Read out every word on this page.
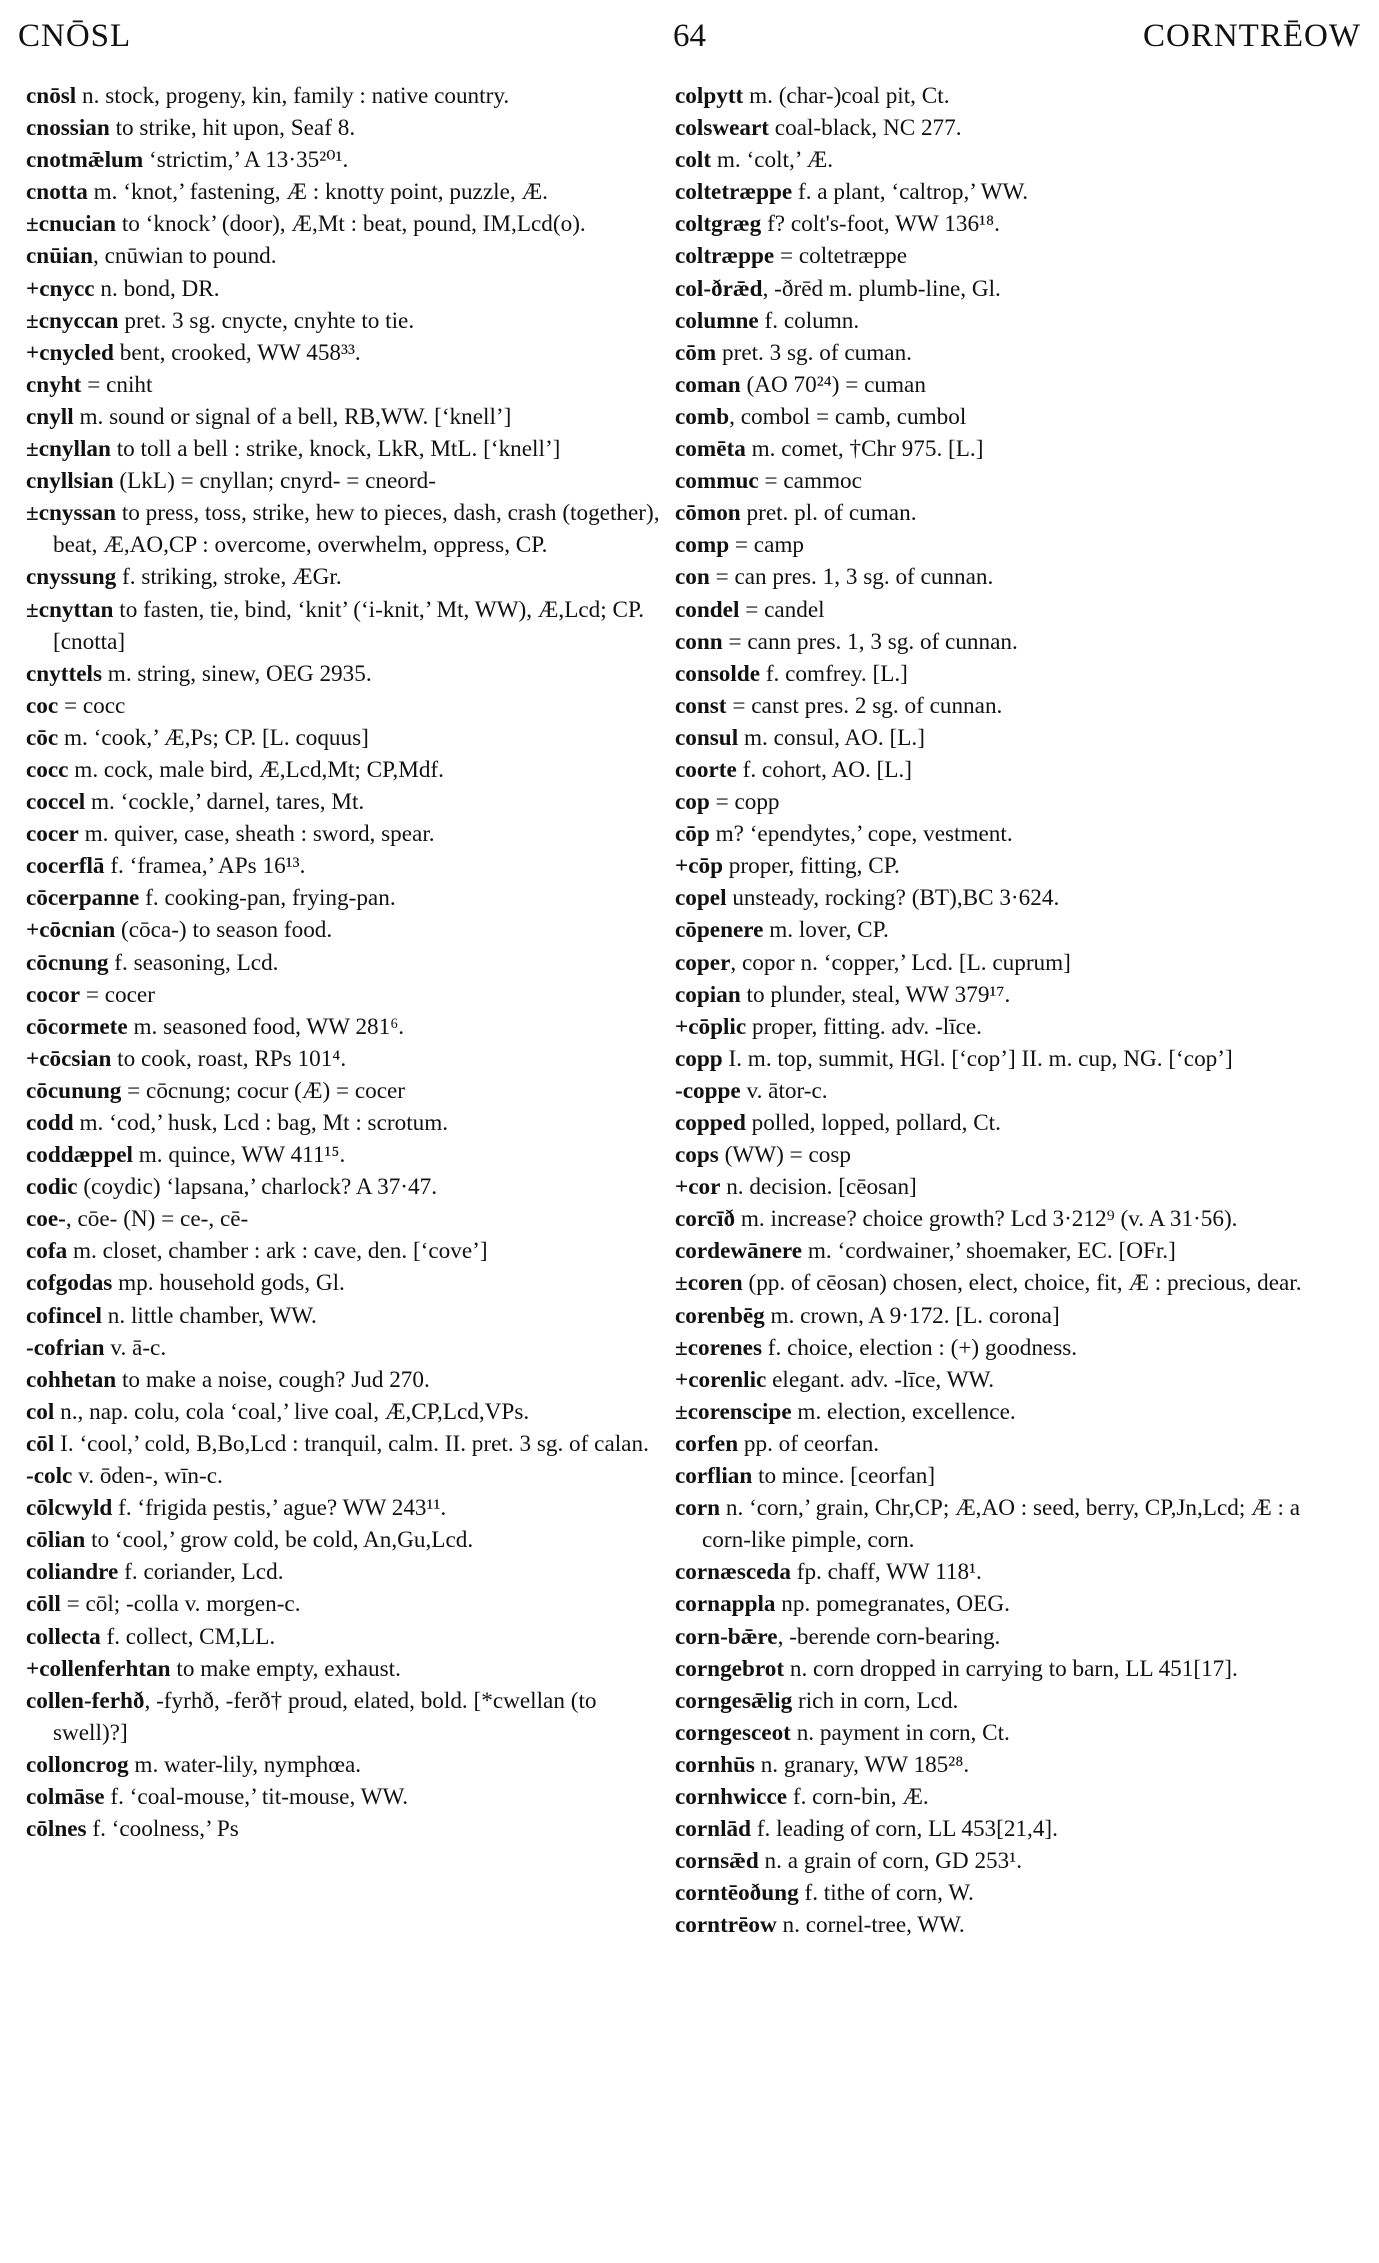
CNŌSL	64	CORNTRĒOW
cnōsl n. stock, progeny, kin, family : native country.
cnossian to strike, hit upon, Seaf 8.
cnotmǣlum ‘strictim,’ A 13·35²⁰¹.
cnotta m. ‘knot,’ fastening, Æ : knotty point, puzzle, Æ.
±cnucian to ‘knock’ (door), Æ,Mt : beat, pound, IM,Lcd(o).
cnūian, cnūwian to pound.
+cnycc n. bond, DR.
±cnyccan pret. 3 sg. cnycte, cnyhte to tie.
+cnycled bent, crooked, WW 458³³.
cnyht = cniht
cnyll m. sound or signal of a bell, RB,WW. [‘knell’]
±cnyllan to toll a bell : strike, knock, LkR, MtL. [‘knell’]
cnyllsian (LkL) = cnyllan; cnyrd- = cneord-
±cnyssan to press, toss, strike, hew to pieces, dash, crash (together), beat, Æ,AO,CP : overcome, overwhelm, oppress, CP.
cnyssung f. striking, stroke, ÆGr.
±cnyttan to fasten, tie, bind, ‘knit’ (‘i-knit,’ Mt, WW), Æ,Lcd; CP. [cnotta]
cnyttels m. string, sinew, OEG 2935.
coc = cocc
cōc m. ‘cook,’ Æ,Ps; CP. [L. coquus]
cocc m. cock, male bird, Æ,Lcd,Mt; CP,Mdf.
coccel m. ‘cockle,’ darnel, tares, Mt.
cocer m. quiver, case, sheath : sword, spear.
cocerflā f. ‘framea,’ APs 16¹³.
cōcerpanne f. cooking-pan, frying-pan.
+cōcnian (cōca-) to season food.
cōcnung f. seasoning, Lcd.
cocor = cocer
cōcormete m. seasoned food, WW 281⁶.
+cōcsian to cook, roast, RPs 101⁴.
cōcunung = cōcnung; cocur (Æ) = cocer
codd m. ‘cod,’ husk, Lcd : bag, Mt : scrotum.
coddæppel m. quince, WW 411¹⁵.
codic (coydic) ‘lapsana,’ charlock? A 37·47.
coe-, cōe- (N) = ce-, cē-
cofa m. closet, chamber : ark : cave, den. [‘cove’]
cofgodas mp. household gods, Gl.
cofincel n. little chamber, WW.
-cofrian v. ā-c.
cohhetan to make a noise, cough? Jud 270.
col n., nap. colu, cola ‘coal,’ live coal, Æ,CP,Lcd,VPs.
cōl I. ‘cool,’ cold, B,Bo,Lcd : tranquil, calm. II. pret. 3 sg. of calan.
-colc v. ōden-, wīn-c.
cōlcwyld f. ‘frigida pestis,’ ague? WW 243¹¹.
cōlian to ‘cool,’ grow cold, be cold, An,Gu,Lcd.
coliandre f. coriander, Lcd.
cōll = cōl; -colla v. morgen-c.
collecta f. collect, CM,LL.
+collenferhtan to make empty, exhaust.
collen-ferhð, -fyrhð, -ferð† proud, elated, bold. [*cwellan (to swell)?]
colloncrog m. water-lily, nymphœa.
colmāse f. ‘coal-mouse,’ tit-mouse, WW.
cōlnes f. ‘coolness,’ Ps
colpytt m. (char-)coal pit, Ct.
colsweart coal-black, NC 277.
colt m. ‘colt,’ Æ.
coltetræppe f. a plant, ‘caltrop,’ WW.
coltgræg f? colt's-foot, WW 136¹⁸.
coltræppe = coltetræppe
col-ðrǣd, -ðrēd m. plumb-line, Gl.
columne f. column.
cōm pret. 3 sg. of cuman.
coman (AO 70²⁴) = cuman
comb, combol = camb, cumbol
comēta m. comet, †Chr 975. [L.]
commuc = cammoc
cōmon pret. pl. of cuman.
comp = camp
con = can pres. 1, 3 sg. of cunnan.
condel = candel
conn = cann pres. 1, 3 sg. of cunnan.
consolde f. comfrey. [L.]
const = canst pres. 2 sg. of cunnan.
consul m. consul, AO. [L.]
coorte f. cohort, AO. [L.]
cop = copp
cōp m? ‘ependytes,’ cope, vestment.
+cōp proper, fitting, CP.
copel unsteady, rocking? (BT),BC 3·624.
cōpenere m. lover, CP.
coper, copor n. ‘copper,’ Lcd. [L. cuprum]
copian to plunder, steal, WW 379¹⁷.
+cōplic proper, fitting. adv. -līce.
copp I. m. top, summit, HGl. [‘cop’] II. m. cup, NG. [‘cop’]
-coppe v. ātor-c.
copped polled, lopped, pollard, Ct.
cops (WW) = cosp
+cor n. decision. [cēosan]
corcīð m. increase? choice growth? Lcd 3·212⁹ (v. A 31·56).
cordewānere m. ‘cordwainer,’ shoemaker, EC. [OFr.]
±coren (pp. of cēosan) chosen, elect, choice, fit, Æ : precious, dear.
corenbēg m. crown, A 9·172. [L. corona]
±corenes f. choice, election : (+) goodness.
+corenlic elegant. adv. -līce, WW.
±corenscipe m. election, excellence.
corfen pp. of ceorfan.
corflian to mince. [ceorfan]
corn n. ‘corn,’ grain, Chr,CP; Æ,AO : seed, berry, CP,Jn,Lcd; Æ : a corn-like pimple, corn.
cornæsceda fp. chaff, WW 118¹.
cornappla np. pomegranates, OEG.
corn-bǣre, -berende corn-bearing.
corngebrot n. corn dropped in carrying to barn, LL 451[17].
corngesǣlig rich in corn, Lcd.
corngesceot n. payment in corn, Ct.
cornhūs n. granary, WW 185²⁸.
cornhwicce f. corn-bin, Æ.
cornlād f. leading of corn, LL 453[21,4].
cornsǣd n. a grain of corn, GD 253¹.
corntēoðung f. tithe of corn, W.
corntrēow n. cornel-tree, WW.
